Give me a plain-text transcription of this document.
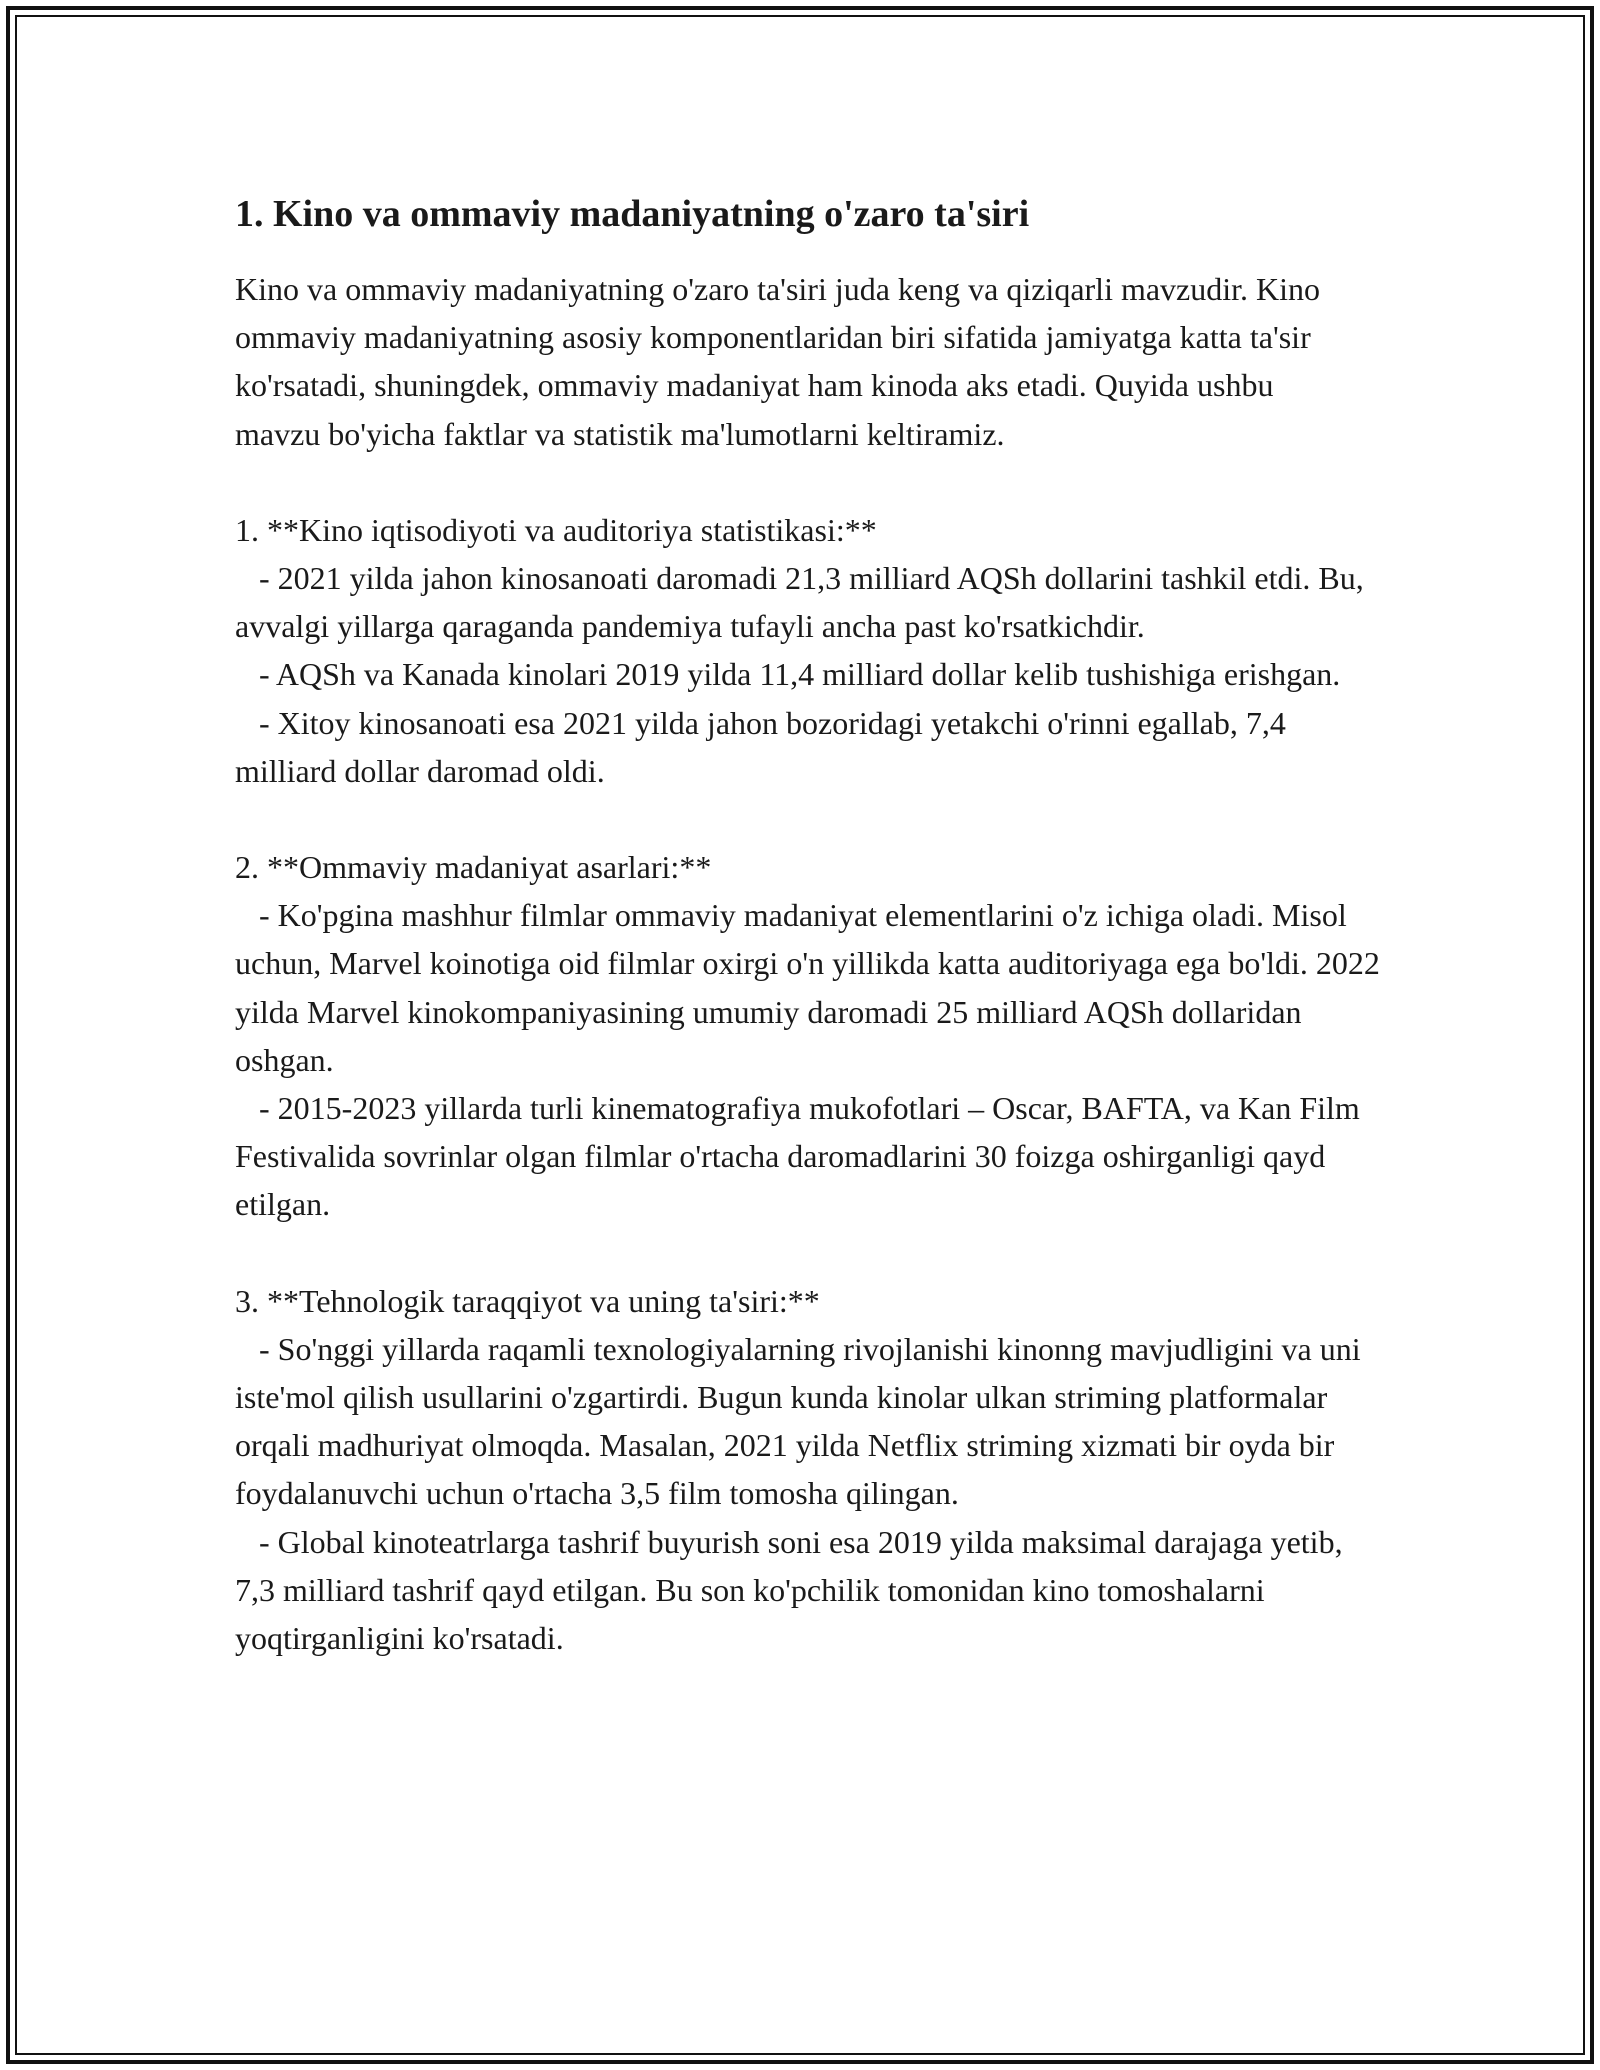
1. Kino va ommaviy madaniyatning o'zaro ta'siri

Kino va ommaviy madaniyatning o'zaro ta'siri juda keng va qiziqarli mavzudir. Kino ommaviy madaniyatning asosiy komponentlaridan biri sifatida jamiyatga katta ta'sir ko'rsatadi, shuningdek, ommaviy madaniyat ham kinoda aks etadi. Quyida ushbu mavzu bo'yicha faktlar va statistik ma'lumotlarni keltiramiz.

1. **Kino iqtisodiyoti va auditoriya statistikasi:**

- 2021 yilda jahon kinosanoati daromadi 21,3 milliard AQSh dollarini tashkil etdi. Bu, avvalgi yillarga qaraganda pandemiya tufayli ancha past ko'rsatkichdir.

- AQSh va Kanada kinolari 2019 yilda 11,4 milliard dollar kelib tushishiga erishgan.

- Xitoy kinosanoati esa 2021 yilda jahon bozoridagi yetakchi o'rinni egallab, 7,4 milliard dollar daromad oldi.

2. **Ommaviy madaniyat asarlari:**

- Ko'pgina mashhur filmlar ommaviy madaniyat elementlarini o'z ichiga oladi. Misol uchun, Marvel koinotiga oid filmlar oxirgi o'n yillikda katta auditoriyaga ega bo'ldi. 2022 yilda Marvel kinokompaniyasining umumiy daromadi 25 milliard AQSh dollaridan oshgan.

- 2015-2023 yillarda turli kinematografiya mukofotlari – Oscar, BAFTA, va Kan Film Festivalida sovrinlar olgan filmlar o'rtacha daromadlarini 30 foizga oshirganligi qayd etilgan.

3. **Tehnologik taraqqiyot va uning ta'siri:**

- So'nggi yillarda raqamli texnologiyalarning rivojlanishi kinonng mavjudligini va uni iste'mol qilish usullarini o'zgartirdi. Bugun kunda kinolar ulkan striming platformalar orqali madhuriyat olmoqda. Masalan, 2021 yilda Netflix striming xizmati bir oyda bir foydalanuvchi uchun o'rtacha 3,5 film tomosha qilingan.

- Global kinoteatrlarga tashrif buyurish soni esa 2019 yilda maksimal darajaga yetib, 7,3 milliard tashrif qayd etilgan. Bu son ko'pchilik tomonidan kino tomoshalarni yoqtirganligini ko'rsatadi.
